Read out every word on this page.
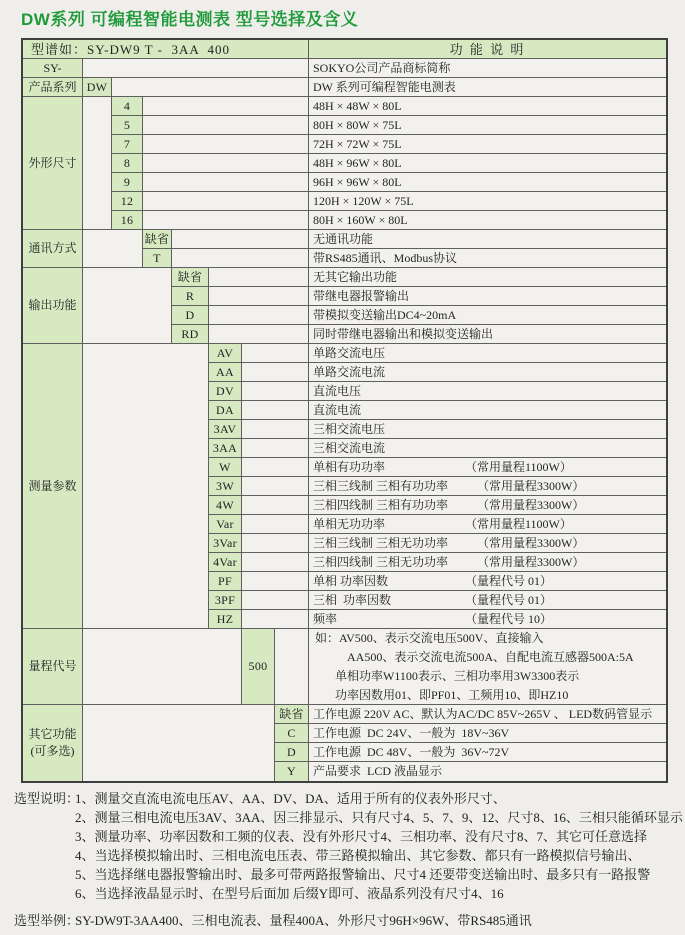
DW系列 可编程智能电测表 型号选择及含义
型谱如：SY-DW9 T -  3AA  400	功 能 说 明
SY-	SOKYO公司产品商标简称
产品系列 DW	DW 系列可编程智能电测表
外形尺寸
4	48H × 48W × 80L
5	80H × 80W × 75L
7	72H × 72W × 75L
8	48H × 96W × 80L
9	96H × 96W × 80L
12	120H × 120W × 75L
16	80H × 160W × 80L
通讯方式
缺省	无通讯功能
T	带RS485通讯、Modbus协议
输出功能
缺省	无其它输出功能
R	带继电器报警输出
D	带模拟变送输出DC4~20mA
RD	同时带继电器输出和模拟变送输出
测量参数
AV	单路交流电压
AA	单路交流电流
DV	直流电压
DA	直流电流
3AV	三相交流电压
3AA	三相交流电流
W	单相有功功率	（常用量程1100W）
3W	三相三线制 三相有功功率 （常用量程3300W）
4W	三相四线制 三相有功功率 （常用量程3300W）
Var	单相无功功率	（常用量程1100W）
3Var	三相三线制 三相无功功率 （常用量程3300W）
4Var	三相四线制 三相无功功率 （常用量程3300W）
PF	单相 功率因数	（量程代号 01）
3PF	三相  功率因数	（量程代号 01）
HZ	频率	（量程代号 10）
量程代号	500
如：AV500、表示交流电压500V、直接输入
AA500、表示交流电流500A、自配电流互感器500A:5A
单相功率W1100表示、三相功率用3W3300表示
功率因数用01、即PF01、工频用10、即HZ10
其它功能
(可多选)
缺省 工作电源 220V AC、默认为AC/DC 85V~265V 、 LED数码管显示
C	工作电源  DC 24V、一般为  18V~36V
D	工作电源  DC 48V、一般为  36V~72V
Y	产品要求  LCD 液晶显示
选型说明：
1、测量交直流电流电压AV、AA、DV、DA、适用于所有的仪表外形尺寸、
2、测量三相电流电压3AV、3AA、因三排显示、只有尺寸4、5、7、9、12、尺寸8、16、三相只能循环显示
3、测量功率、功率因数和工频的仪表、没有外形尺寸4、三相功率、没有尺寸8、7、其它可任意选择
4、当选择模拟输出时、三相电流电压表、带三路模拟输出、其它参数、都只有一路模拟信号输出、
5、当选择继电器报警输出时、最多可带两路报警输出、尺寸4 还要带变送输出时、最多只有一路报警
6、当选择液晶显示时、在型号后面加 后缀Y即可、液晶系列没有尺寸4、16
选型举例：
SY-DW9T-3AA400、三相电流表、量程400A、外形尺寸96H×96W、带RS485通讯
